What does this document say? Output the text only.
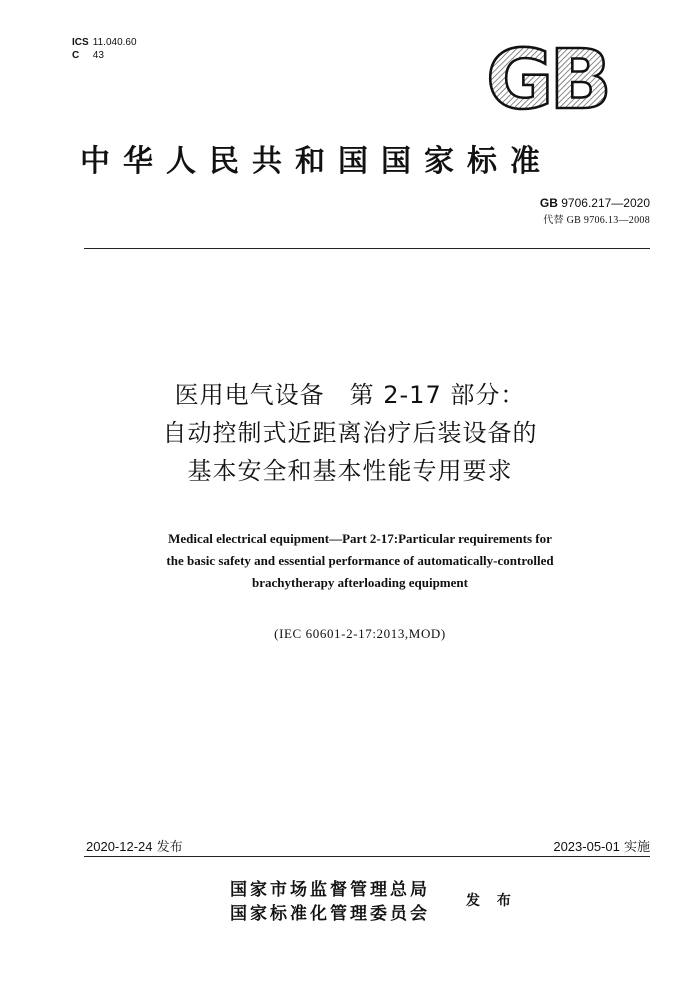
ICS 11.040.60
C 43	GB
中华人民共和国国家标准
GB 9706.217—2020
代替 GB 9706.13—2008
医用电气设备　第 2-17 部分：
自动控制式近距离治疗后装设备的
基本安全和基本性能专用要求
Medical electrical equipment—Part 2-17:Particular requirements for
the basic safety and essential performance of automatically-controlled
brachytherapy afterloading equipment
(IEC 60601-2-17:2013,MOD)
2020-12-24 发布	2023-05-01 实施
国家市场监督管理总局
国家标准化管理委员会
发 布
